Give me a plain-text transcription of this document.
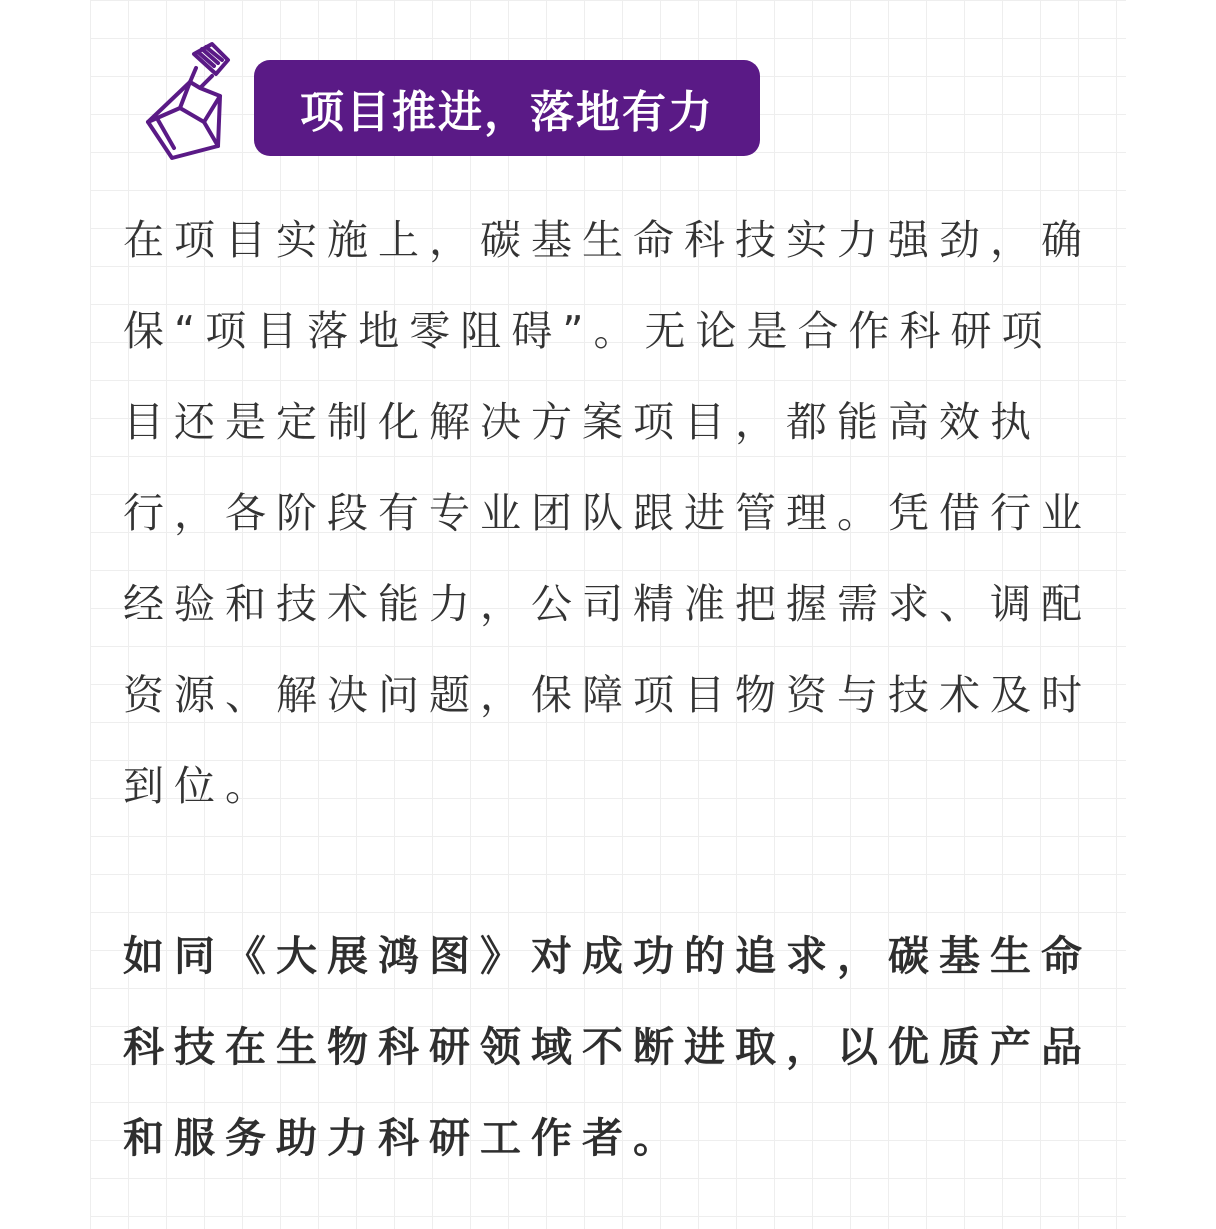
项目推进，落地有力

在项目实施上，碳基生命科技实力强劲，确保“项目落地零阻碍”。无论是合作科研项目还是定制化解决方案项目，都能高效执行，各阶段有专业团队跟进管理。凭借行业经验和技术能力，公司精准把握需求、调配资源、解决问题，保障项目物资与技术及时到位。

如同《大展鸿图》对成功的追求，碳基生命科技在生物科研领域不断进取，以优质产品和服务助力科研工作者。
